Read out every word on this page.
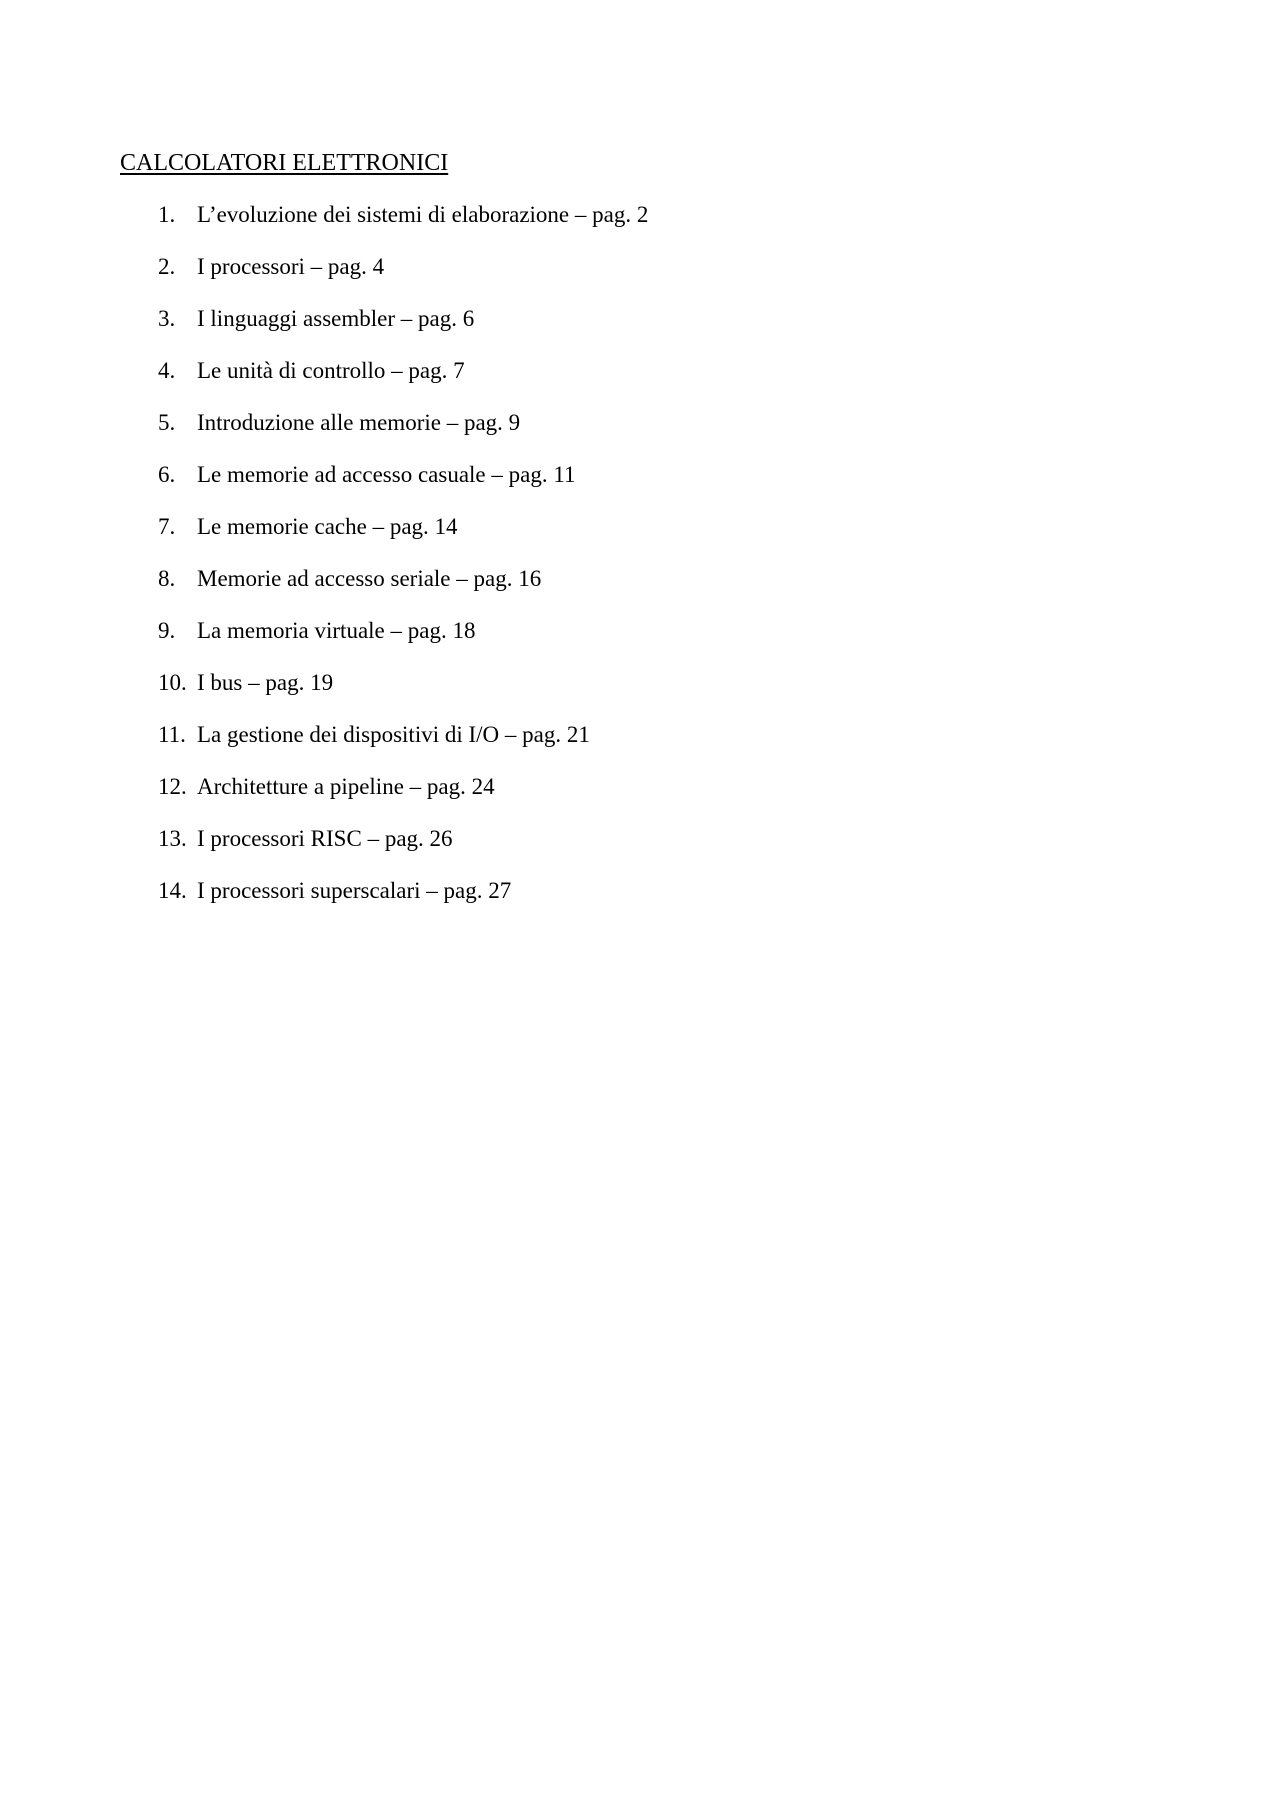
CALCOLATORI ELETTRONICI
1. L’evoluzione dei sistemi di elaborazione – pag. 2
2. I processori – pag. 4
3. I linguaggi assembler – pag. 6
4. Le unità di controllo – pag. 7
5. Introduzione alle memorie – pag. 9
6. Le memorie ad accesso casuale – pag. 11
7. Le memorie cache – pag. 14
8. Memorie ad accesso seriale – pag. 16
9. La memoria virtuale – pag. 18
10. I bus – pag. 19
11. La gestione dei dispositivi di I/O – pag. 21
12. Architetture a pipeline – pag. 24
13. I processori RISC – pag. 26
14. I processori superscalari – pag. 27
